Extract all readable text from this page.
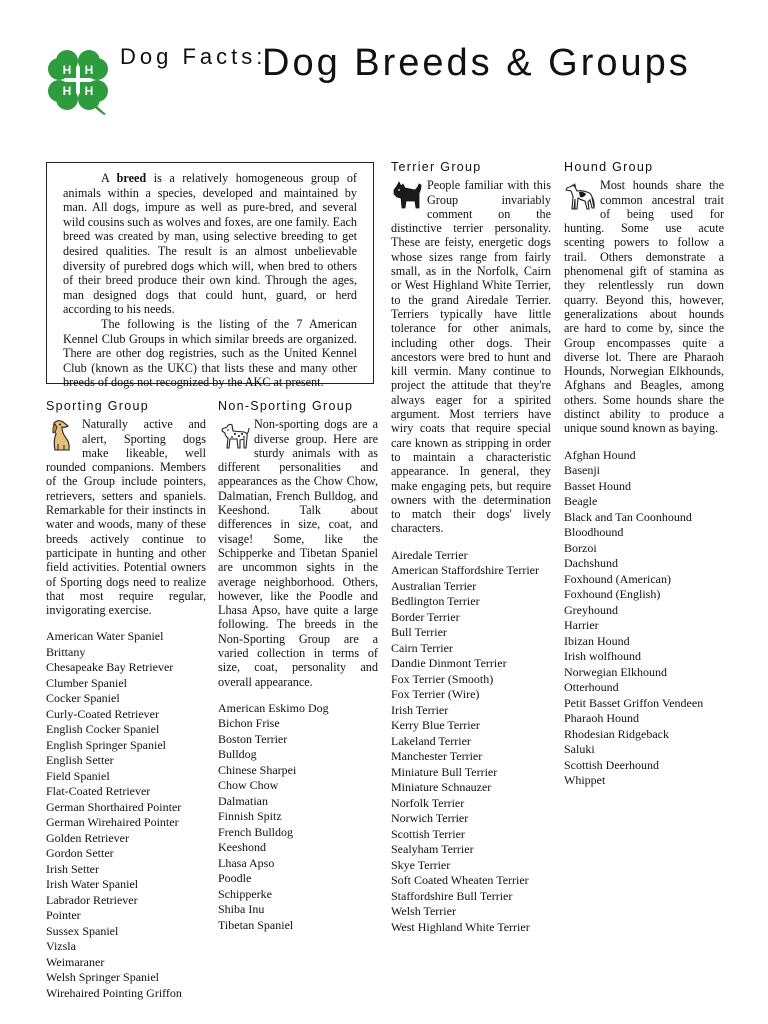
H H
H H
Dog Facts:
Dog Breeds & Groups

A breed is a relatively homogeneous group of animals within a species, developed and maintained by man. All dogs, impure as well as pure-bred, and several wild cousins such as wolves and foxes, are one family. Each breed was created by man, using selective breeding to get desired qualities. The result is an almost unbelievable diversity of purebred dogs which will, when bred to others of their breed produce their own kind. Through the ages, man designed dogs that could hunt, guard, or herd according to his needs.

The following is the listing of the 7 American Kennel Club Groups in which similar breeds are organized. There are other dog registries, such as the United Kennel Club (known as the UKC) that lists these and many other breeds of dogs not recognized by the AKC at present.

Sporting Group

Naturally active and alert, Sporting dogs make likeable, well rounded companions. Members of the Group include pointers, retrievers, setters and spaniels. Remarkable for their instincts in water and woods, many of these breeds actively continue to participate in hunting and other field activities. Potential owners of Sporting dogs need to realize that most require regular, invigorating exercise.

American Water Spaniel
Brittany
Chesapeake Bay Retriever
Clumber Spaniel
Cocker Spaniel
Curly-Coated Retriever
English Cocker Spaniel
English Springer Spaniel
English Setter
Field Spaniel
Flat-Coated Retriever
German Shorthaired Pointer
German Wirehaired Pointer
Golden Retriever
Gordon Setter
Irish Setter
Irish Water Spaniel
Labrador Retriever
Pointer
Sussex Spaniel
Vizsla
Weimaraner
Welsh Springer Spaniel
Wirehaired Pointing Griffon
Non-Sporting Group

Non-sporting dogs are a diverse group. Here are sturdy animals with as different personalities and appearances as the Chow Chow, Dalmatian, French Bulldog, and Keeshond. Talk about differences in size, coat, and visage! Some, like the Schipperke and Tibetan Spaniel are uncommon sights in the average neighborhood. Others, however, like the Poodle and Lhasa Apso, have quite a large following. The breeds in the Non-Sporting Group are a varied collection in terms of size, coat, personality and overall appearance.

American Eskimo Dog
Bichon Frise
Boston Terrier
Bulldog
Chinese Sharpei
Chow Chow
Dalmatian
Finnish Spitz
French Bulldog
Keeshond
Lhasa Apso
Poodle
Schipperke
Shiba Inu
Tibetan Spaniel
Terrier Group

People familiar with this Group invariably comment on the distinctive terrier personality. These are feisty, energetic dogs whose sizes range from fairly small, as in the Norfolk, Cairn or West Highland White Terrier, to the grand Airedale Terrier. Terriers typically have little tolerance for other animals, including other dogs. Their ancestors were bred to hunt and kill vermin. Many continue to project the attitude that they're always eager for a spirited argument. Most terriers have wiry coats that require special care known as stripping in order to maintain a characteristic appearance. In general, they make engaging pets, but require owners with the determination to match their dogs' lively characters.

Airedale Terrier
American Staffordshire Terrier
Australian Terrier
Bedlington Terrier
Border Terrier
Bull Terrier
Cairn Terrier
Dandie Dinmont Terrier
Fox Terrier (Smooth)
Fox Terrier (Wire)
Irish Terrier
Kerry Blue Terrier
Lakeland Terrier
Manchester Terrier
Miniature Bull Terrier
Miniature Schnauzer
Norfolk Terrier
Norwich Terrier
Scottish Terrier
Sealyham Terrier
Skye Terrier
Soft Coated Wheaten Terrier
Staffordshire Bull Terrier
Welsh Terrier
West Highland White Terrier
Hound Group

Most hounds share the common ancestral trait of being used for hunting. Some use acute scenting powers to follow a trail. Others demonstrate a phenomenal gift of stamina as they relentlessly run down quarry. Beyond this, however, generalizations about hounds are hard to come by, since the Group encompasses quite a diverse lot. There are Pharaoh Hounds, Norwegian Elkhounds, Afghans and Beagles, among others. Some hounds share the distinct ability to produce a unique sound known as baying.

Afghan Hound
Basenji
Basset Hound
Beagle
Black and Tan Coonhound
Bloodhound
Borzoi
Dachshund
Foxhound (American)
Foxhound (English)
Greyhound
Harrier
Ibizan Hound
Irish wolfhound
Norwegian Elkhound
Otterhound
Petit Basset Griffon Vendeen
Pharaoh Hound
Rhodesian Ridgeback
Saluki
Scottish Deerhound
Whippet
